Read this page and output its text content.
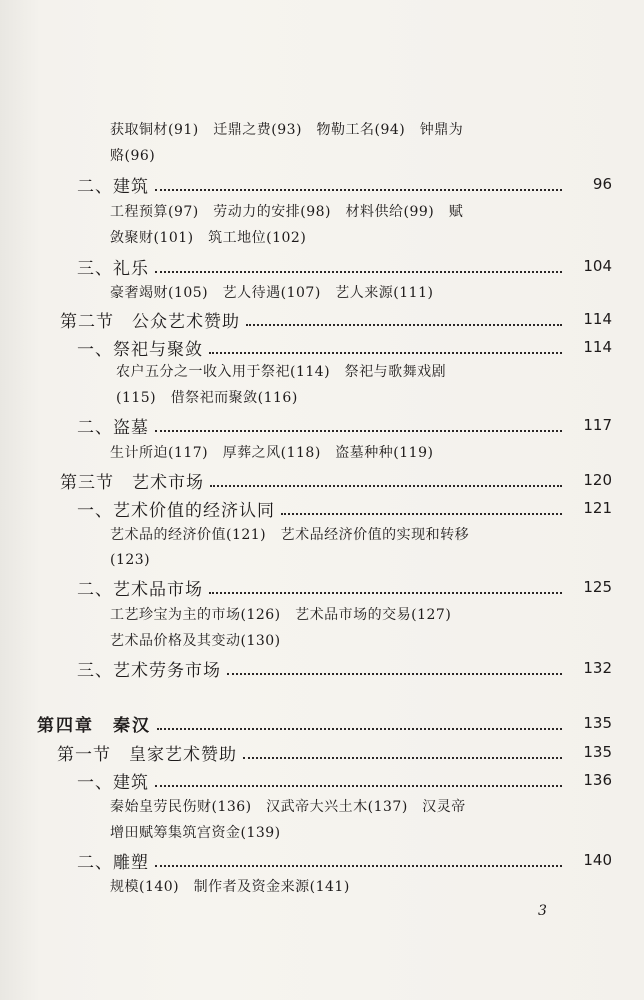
获取铜材(91)　迁鼎之费(93)　物勒工名(94)　钟鼎为
赂(96)
二、建筑	96
工程预算(97)　劳动力的安排(98)　材料供给(99)　赋
敛聚财(101)　筑工地位(102)
三、礼乐	104
豪奢竭财(105)　艺人待遇(107)　艺人来源(111)
第二节　公众艺术赞助	114
一、祭祀与聚敛	114
农户五分之一收入用于祭祀(114)　祭祀与歌舞戏剧
(115)　借祭祀而聚敛(116)
二、盗墓	117
生计所迫(117)　厚葬之风(118)　盗墓种种(119)
第三节　艺术市场	120
一、艺术价值的经济认同	121
艺术品的经济价值(121)　艺术品经济价值的实现和转移
(123)
二、艺术品市场	125
工艺珍宝为主的市场(126)　艺术品市场的交易(127)
艺术品价格及其变动(130)
三、艺术劳务市场	132
第四章　秦汉	135
第一节　皇家艺术赞助	135
一、建筑	136
秦始皇劳民伤财(136)　汉武帝大兴土木(137)　汉灵帝
增田赋筹集筑宫资金(139)
二、雕塑	140
规模(140)　制作者及资金来源(141)
3
